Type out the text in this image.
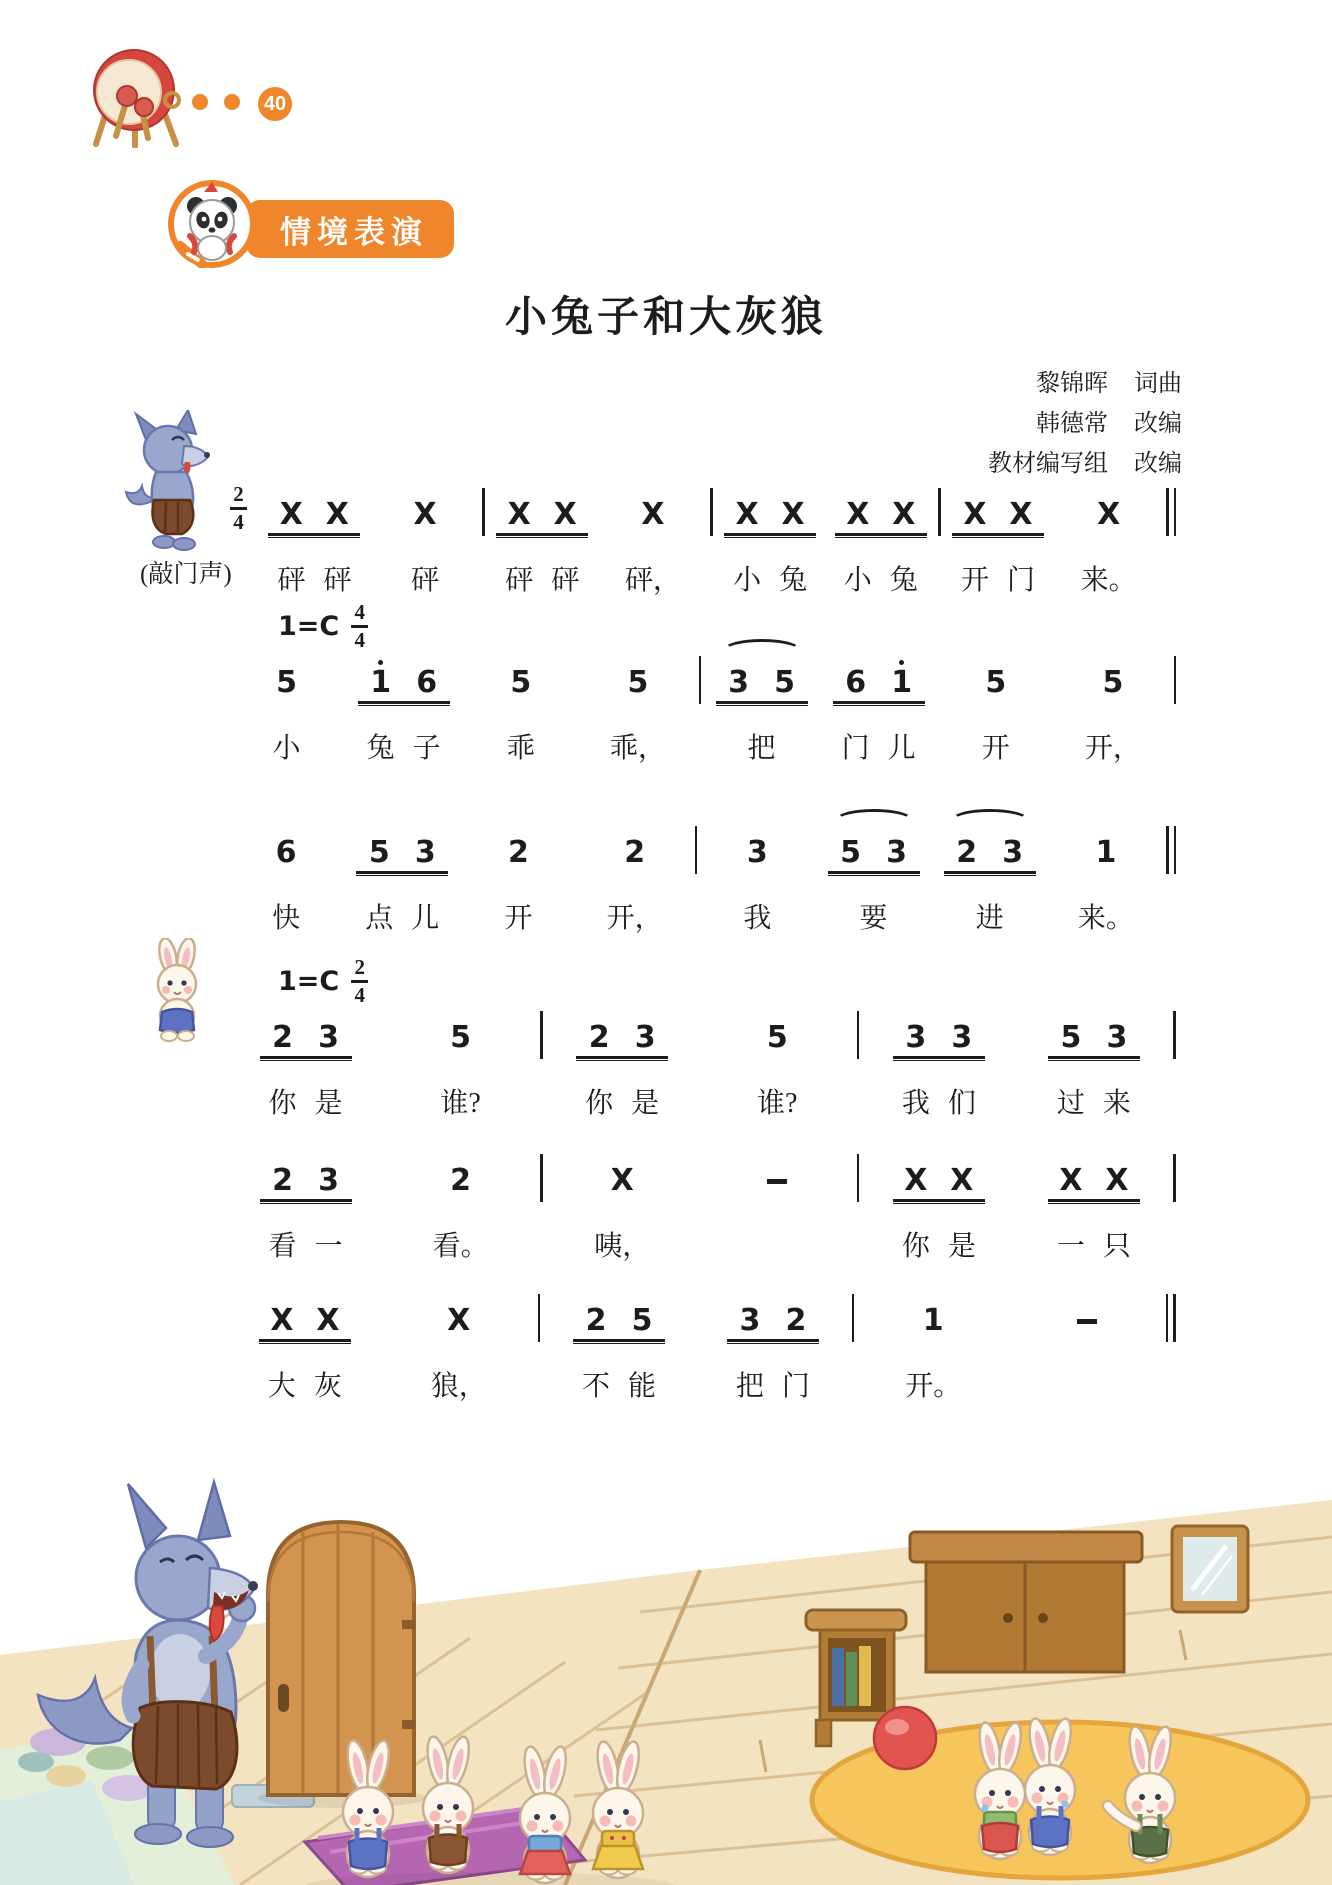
40
情境表演
小兔子和大灰狼
黎锦晖 词曲
韩德常 改编
教材编写组 改编
$\frac{2}{4}$
(敲门声)
X X
砰 砰
X
砰
X X
砰 砰
X
砰，
X X
小 兔
X X
小 兔
X X
开 门
X
来。
$1=C \frac{4}{4}$
5
小
1 6
兔 子
5
乖
5
乖，
3 5
把
6 1
门 儿
5
开
5
开，
6
快
5 3
点 儿
2
开
2
开，
3
我
5 3
要
2 3
进
1
来。
$1=C \frac{2}{4}$
2 3
你 是
5
谁?
2 3
你 是
5
谁?
3 3
我 们
5 3
过 来
2 3
看 一
2
看。
X
咦，
X X
你 是
X X
一 只
X X
大 灰
X
狼，
2 5
不 能
3 2
把 门
1
开。
